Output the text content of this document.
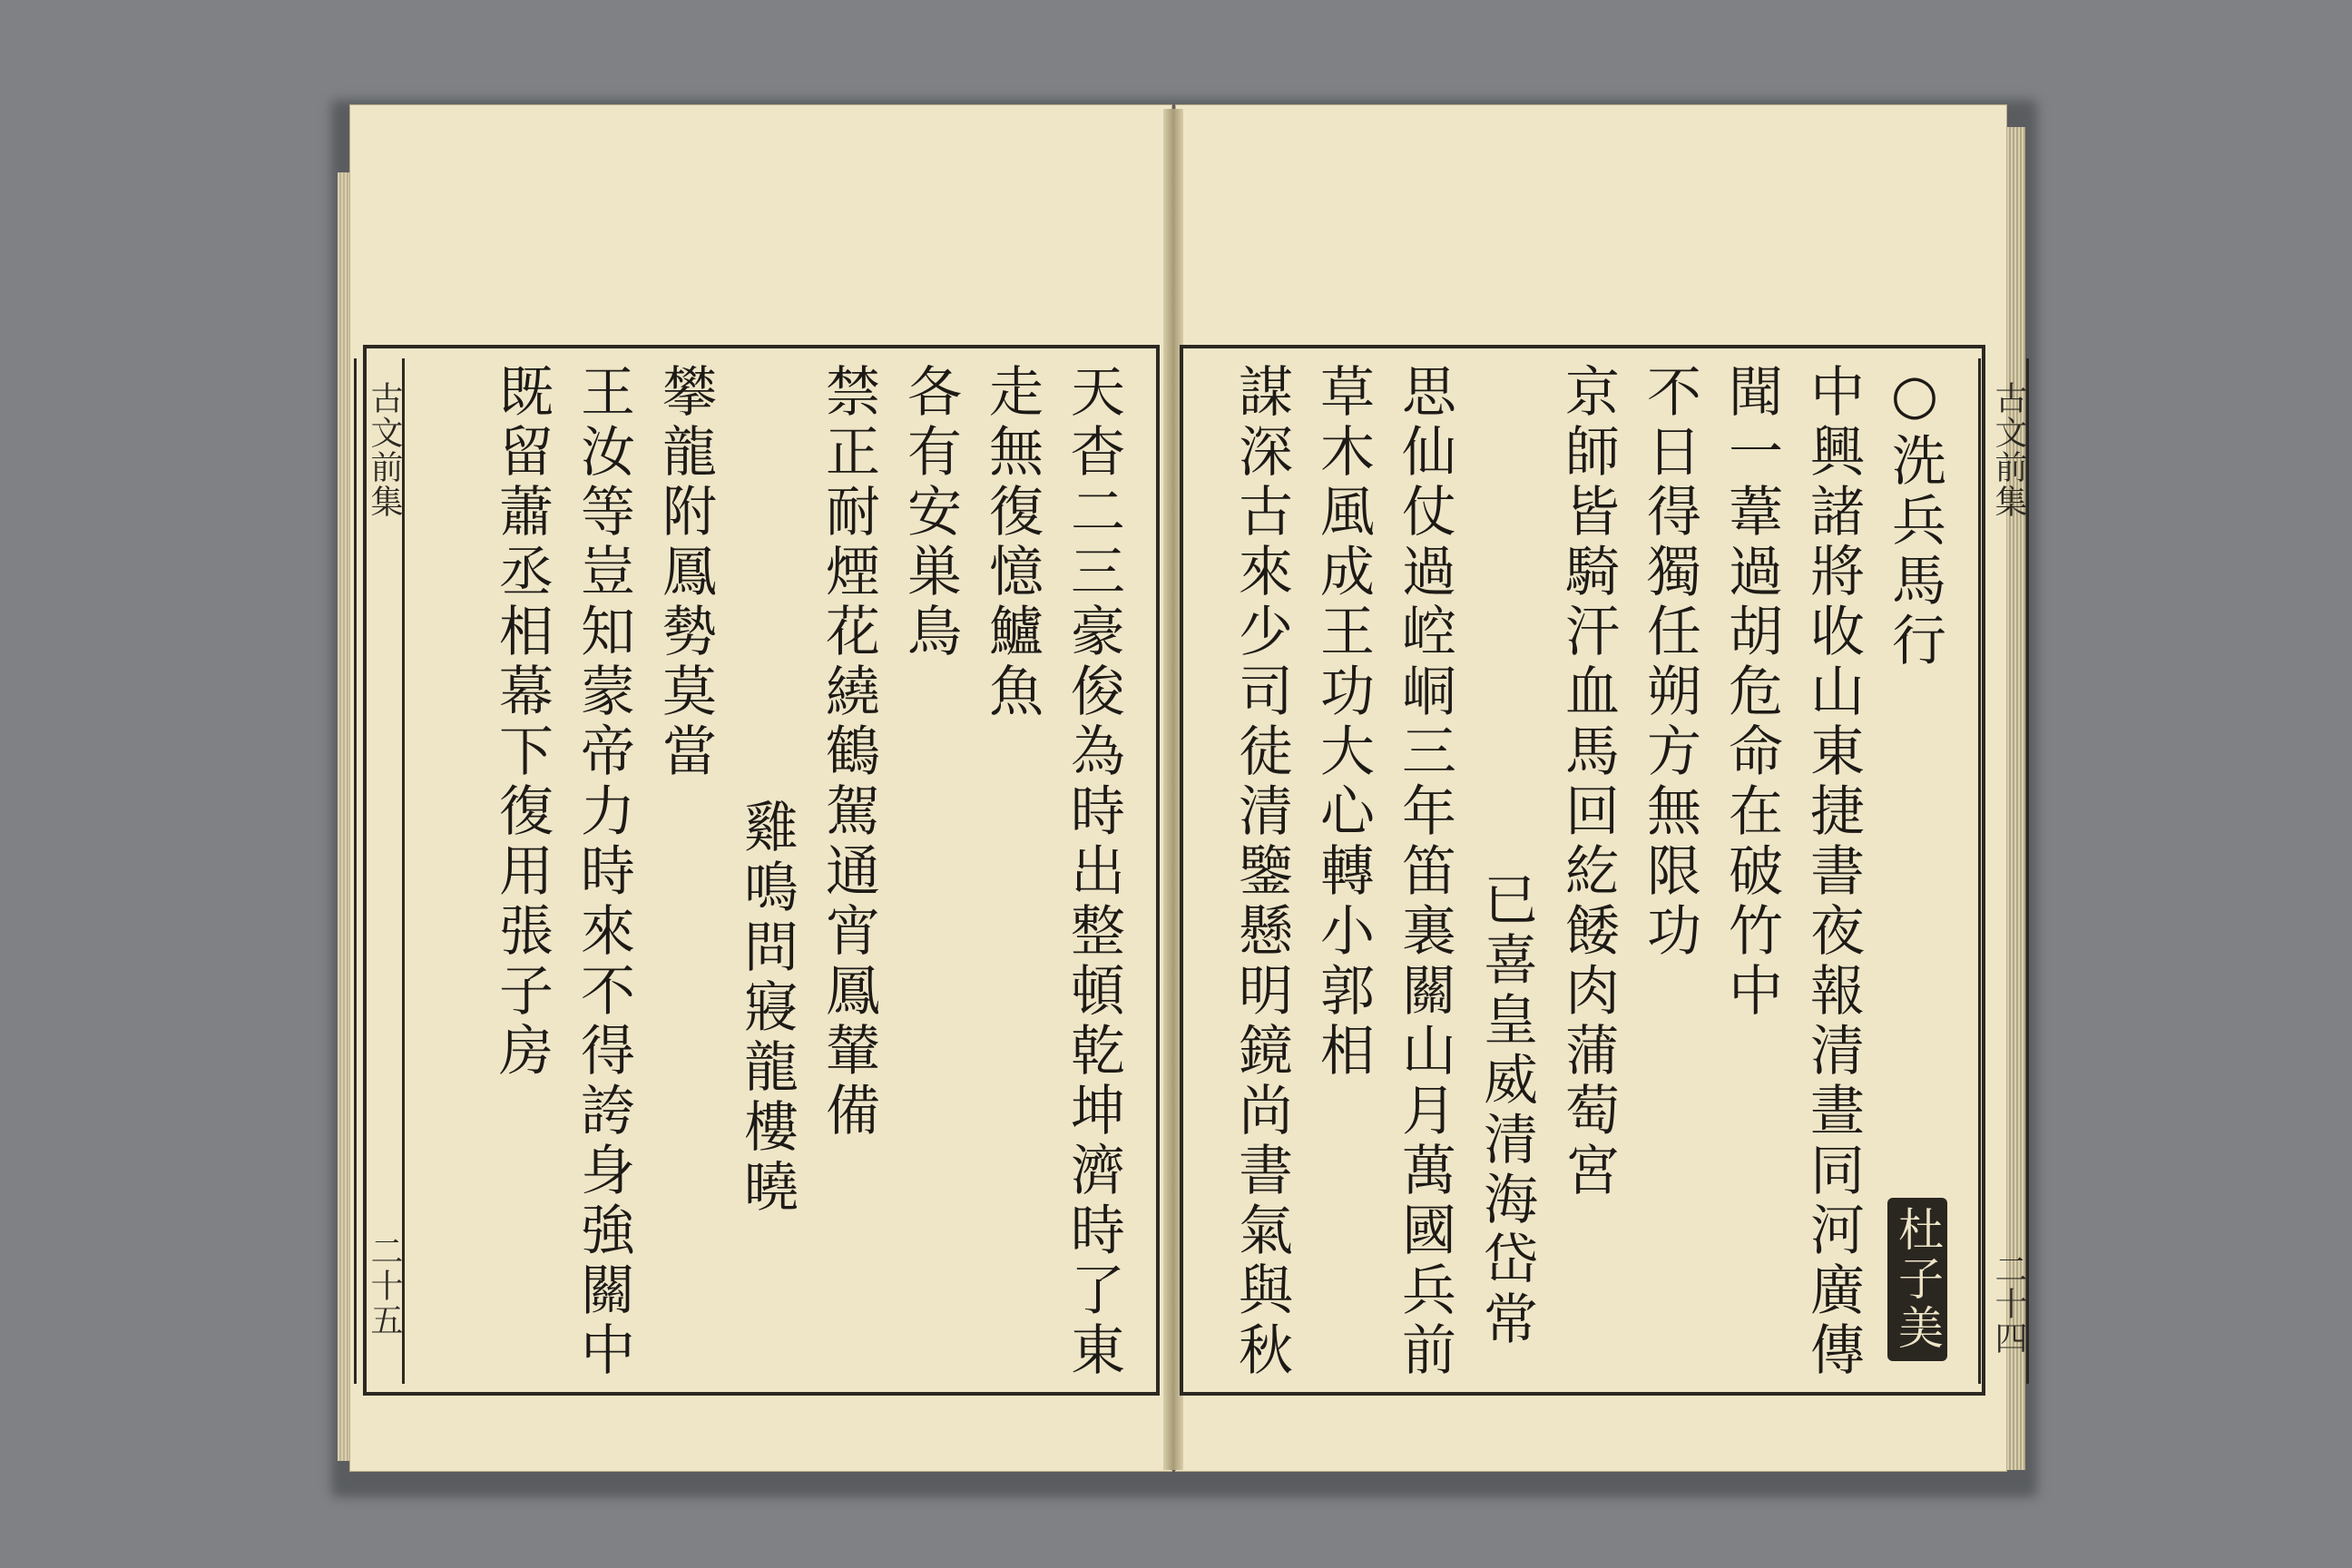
古文前集
二十五
古文前集
二十四
○洗兵馬行
中興諸將收山東捷書夜報清晝同河廣傳
聞一葦過胡危命在破竹中
不日得獨任朔方無限功
京師皆騎汗血馬回紇餧肉蒲萄宮
已喜皇威清海岱常
思仙仗過崆峒三年笛裏關山月萬國兵前
草木風成王功大心轉小郭相
謀深古來少司徒清鑒懸明鏡尚書氣與秋	杜子美
天杳二三豪俊為時出整頓乾坤濟時了東
走無復憶鱸魚
各有安巣鳥
禁正耐煙花繞鶴駕通宵鳳輦備
雞鳴問寢龍樓曉
攀龍附鳳勢莫當
王汝等豈知蒙帝力時來不得誇身強關中
既留蕭丞相幕下復用張子房
